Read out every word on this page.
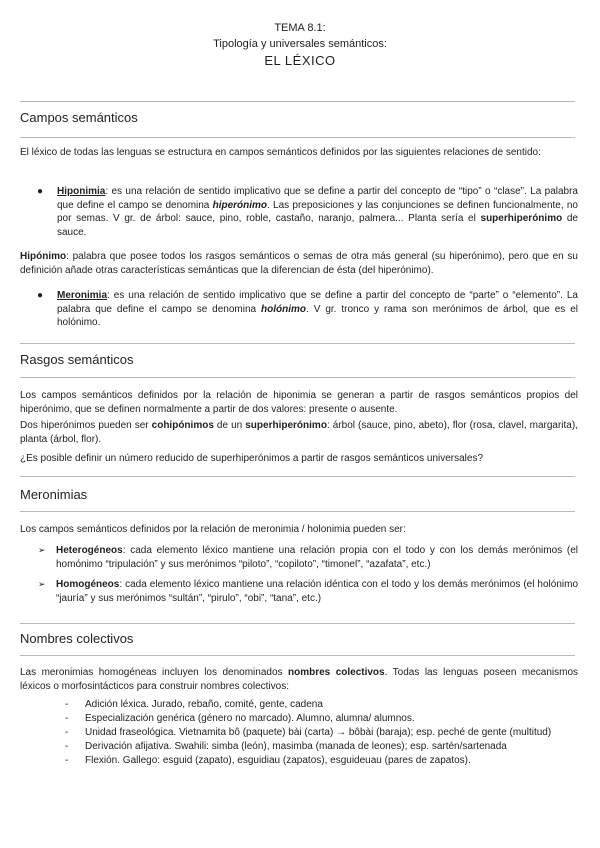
TEMA 8.1:
Tipología y universales semánticos:
EL LÉXICO
Campos semánticos
El léxico de todas las lenguas se estructura en campos semánticos definidos por las siguientes relaciones de sentido:
● Hiponimia: es una relación de sentido implicativo que se define a partir del concepto de “tipo” o “clase”. La palabra que define el campo se denomina hiperónimo. Las preposiciones y las conjunciones se definen funcionalmente, no por semas. V gr. de árbol: sauce, pino, roble, castaño, naranjo, palmera... Planta sería el superhiperónimo de sauce.
Hipónimo: palabra que posee todos los rasgos semánticos o semas de otra más general (su hiperónimo), pero que en su definición añade otras características semánticas que la diferencian de ésta (del hiperónimo).
● Meronimia: es una relación de sentido implicativo que se define a partir del concepto de “parte” o “elemento”. La palabra que define el campo se denomina holónimo. V gr. tronco y rama son merónimos de árbol, que es el holónimo.
Rasgos semánticos
Los campos semánticos definidos por la relación de hiponimia se generan a partir de rasgos semánticos propios del hiperónimo, que se definen normalmente a partir de dos valores: presente o ausente.
Dos hiperónimos pueden ser cohipónimos de un superhiperónimo: árbol (sauce, pino, abeto), flor (rosa, clavel, margarita), planta (árbol, flor).
¿Es posible definir un número reducido de superhiperónimos a partir de rasgos semánticos universales?
Meronimias
Los campos semánticos definidos por la relación de meronimia / holonimia pueden ser:
➢ Heterogéneos: cada elemento léxico mantiene una relación propia con el todo y con los demás merónimos (el homónimo “tripulación” y sus merónimos “piloto”, “copiloto”, “timonel”, “azafata”, etc.)
➢ Homogéneos: cada elemento léxico mantiene una relación idéntica con el todo y los demás merónimos (el holónimo “jauría” y sus merónimos “sultán”, “pirulo”, “obi”, “tana”, etc.)
Nombres colectivos
Las meronimias homogéneas incluyen los denominados nombres colectivos. Todas las lenguas poseen mecanismos léxicos o morfosintácticos para construir nombres colectivos:
- Adición léxica. Jurado, rebaño, comité, gente, cadena
- Especialización genérica (género no marcado). Alumno, alumna/ alumnos.
- Unidad fraseológica. Vietnamita bô (paquete) bài (carta) → bôbài (baraja); esp. peché de gente (multitud)
- Derivación afijativa. Swahili: simba (león), masimba (manada de leones); esp. sartén/sartenada
- Flexión. Gallego: esguid (zapato), esguidiau (zapatos), esguideuau (pares de zapatos).
